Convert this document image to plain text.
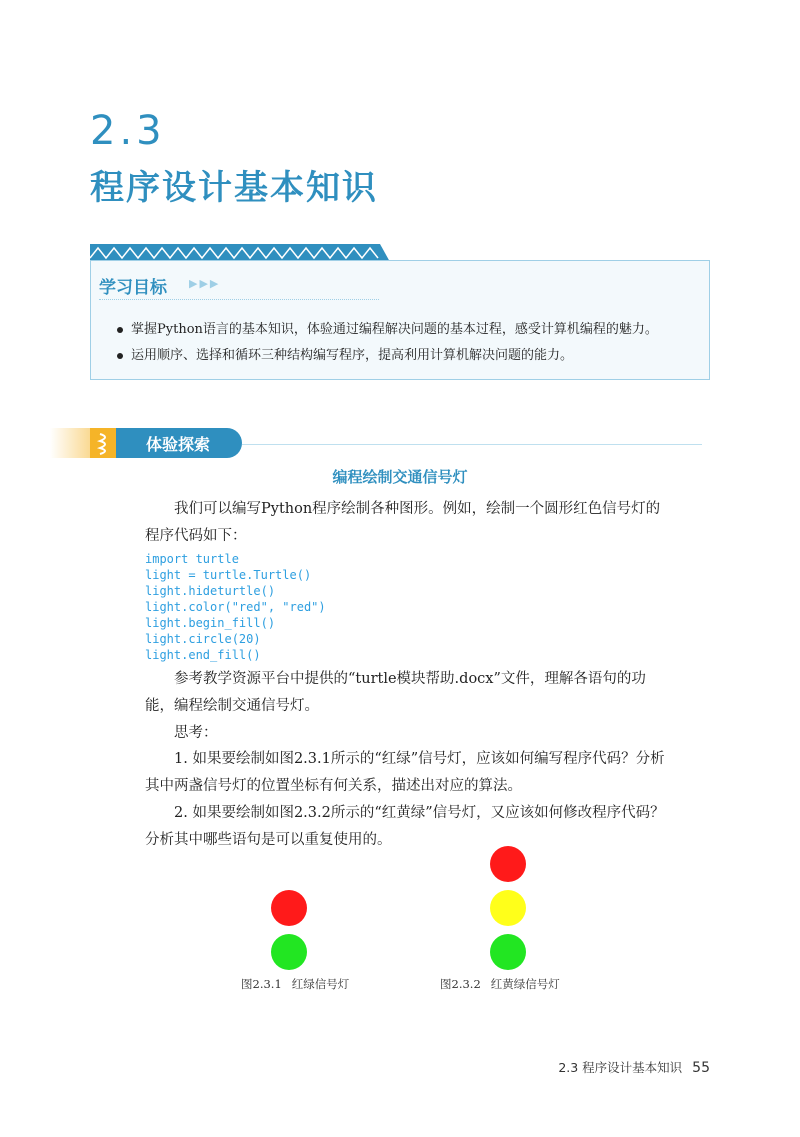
2.3
程序设计基本知识
学习目标 ▶▶▶
掌握Python语言的基本知识，体验通过编程解决问题的基本过程，感受计算机编程的魅力。
运用顺序、选择和循环三种结构编写程序，提高利用计算机解决问题的能力。
体验探索
编程绘制交通信号灯

我们可以编写Python程序绘制各种图形。例如，绘制一个圆形红色信号灯的程序代码如下：

import turtle
light = turtle.Turtle()
light.hideturtle()
light.color("red", "red")
light.begin_fill()
light.circle(20)
light.end_fill()

参考教学资源平台中提供的“turtle模块帮助.docx”文件，理解各语句的功能，编程绘制交通信号灯。

思考：

1. 如果要绘制如图2.3.1所示的“红绿”信号灯，应该如何编写程序代码？分析其中两盏信号灯的位置坐标有何关系，描述出对应的算法。

2. 如果要绘制如图2.3.2所示的“红黄绿”信号灯，又应该如何修改程序代码？分析其中哪些语句是可以重复使用的。

图2.3.1 红绿信号灯	图2.3.2 红黄绿信号灯
2.3 程序设计基本知识 55
